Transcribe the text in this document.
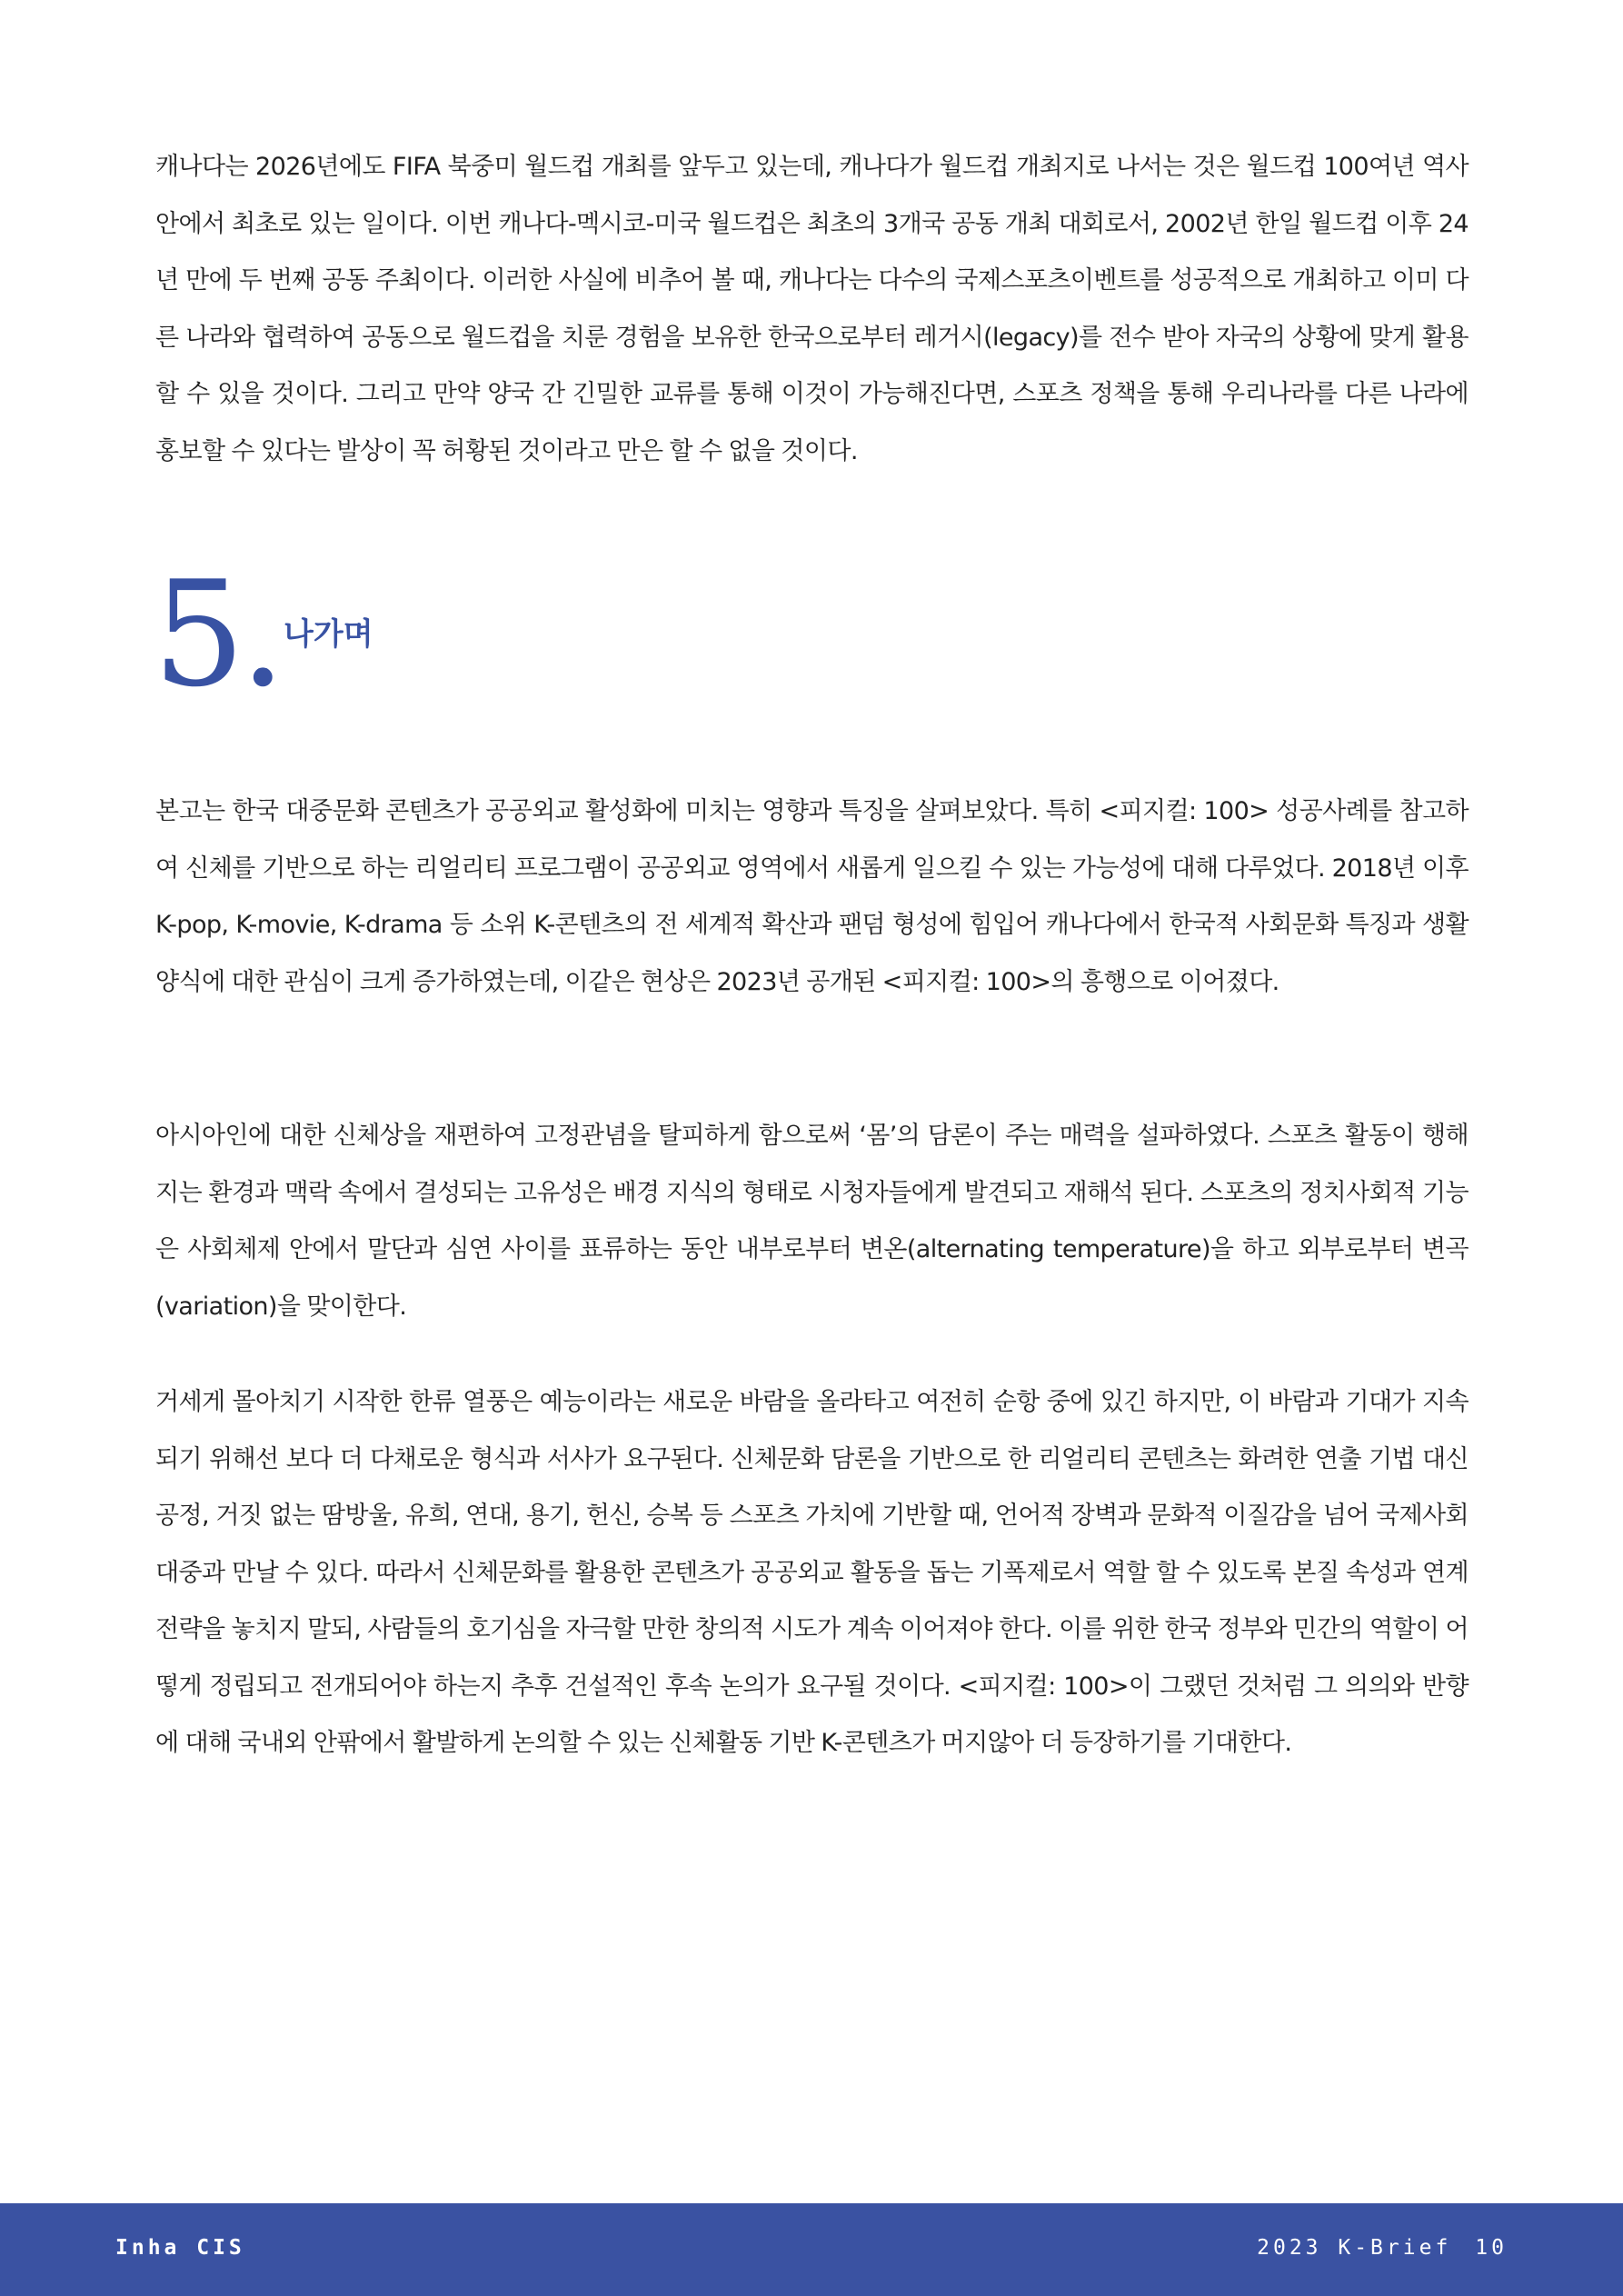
캐나다는 2026년에도 FIFA 북중미 월드컵 개최를 앞두고 있는데, 캐나다가 월드컵 개최지로 나서는 것은 월드컵 100여년 역사 안에서 최초로 있는 일이다. 이번 캐나다-멕시코-미국 월드컵은 최초의 3개국 공동 개최 대회로서, 2002년 한일 월드컵 이후 24년 만에 두 번째 공동 주최이다. 이러한 사실에 비추어 볼 때, 캐나다는 다수의 국제스포츠이벤트를 성공적으로 개최하고 이미 다른 나라와 협력하여 공동으로 월드컵을 치룬 경험을 보유한 한국으로부터 레거시(legacy)를 전수 받아 자국의 상황에 맞게 활용할 수 있을 것이다. 그리고 만약 양국 간 긴밀한 교류를 통해 이것이 가능해진다면, 스포츠 정책을 통해 우리나라를 다른 나라에 홍보할 수 있다는 발상이 꼭 허황된 것이라고 만은 할 수 없을 것이다.

5. 나가며

본고는 한국 대중문화 콘텐츠가 공공외교 활성화에 미치는 영향과 특징을 살펴보았다. 특히 <피지컬: 100> 성공사례를 참고하여 신체를 기반으로 하는 리얼리티 프로그램이 공공외교 영역에서 새롭게 일으킬 수 있는 가능성에 대해 다루었다. 2018년 이후 K-pop, K-movie, K-drama 등 소위 K-콘텐츠의 전 세계적 확산과 팬덤 형성에 힘입어 캐나다에서 한국적 사회문화 특징과 생활양식에 대한 관심이 크게 증가하였는데, 이같은 현상은 2023년 공개된 <피지컬: 100>의 흥행으로 이어졌다.

아시아인에 대한 신체상을 재편하여 고정관념을 탈피하게 함으로써 ‘몸’의 담론이 주는 매력을 설파하였다. 스포츠 활동이 행해지는 환경과 맥락 속에서 결성되는 고유성은 배경 지식의 형태로 시청자들에게 발견되고 재해석 된다. 스포츠의 정치사회적 기능은 사회체제 안에서 말단과 심연 사이를 표류하는 동안 내부로부터 변온(alternating temperature)을 하고 외부로부터 변곡(variation)을 맞이한다.

거세게 몰아치기 시작한 한류 열풍은 예능이라는 새로운 바람을 올라타고 여전히 순항 중에 있긴 하지만, 이 바람과 기대가 지속되기 위해선 보다 더 다채로운 형식과 서사가 요구된다. 신체문화 담론을 기반으로 한 리얼리티 콘텐츠는 화려한 연출 기법 대신 공정, 거짓 없는 땀방울, 유희, 연대, 용기, 헌신, 승복 등 스포츠 가치에 기반할 때, 언어적 장벽과 문화적 이질감을 넘어 국제사회 대중과 만날 수 있다. 따라서 신체문화를 활용한 콘텐츠가 공공외교 활동을 돕는 기폭제로서 역할 할 수 있도록 본질 속성과 연계 전략을 놓치지 말되, 사람들의 호기심을 자극할 만한 창의적 시도가 계속 이어져야 한다. 이를 위한 한국 정부와 민간의 역할이 어떻게 정립되고 전개되어야 하는지 추후 건설적인 후속 논의가 요구될 것이다. <피지컬: 100>이 그랬던 것처럼 그 의의와 반향에 대해 국내외 안팎에서 활발하게 논의할 수 있는 신체활동 기반 K-콘텐츠가 머지않아 더 등장하기를 기대한다.

Inha CIS	2023 K-Brief 10
